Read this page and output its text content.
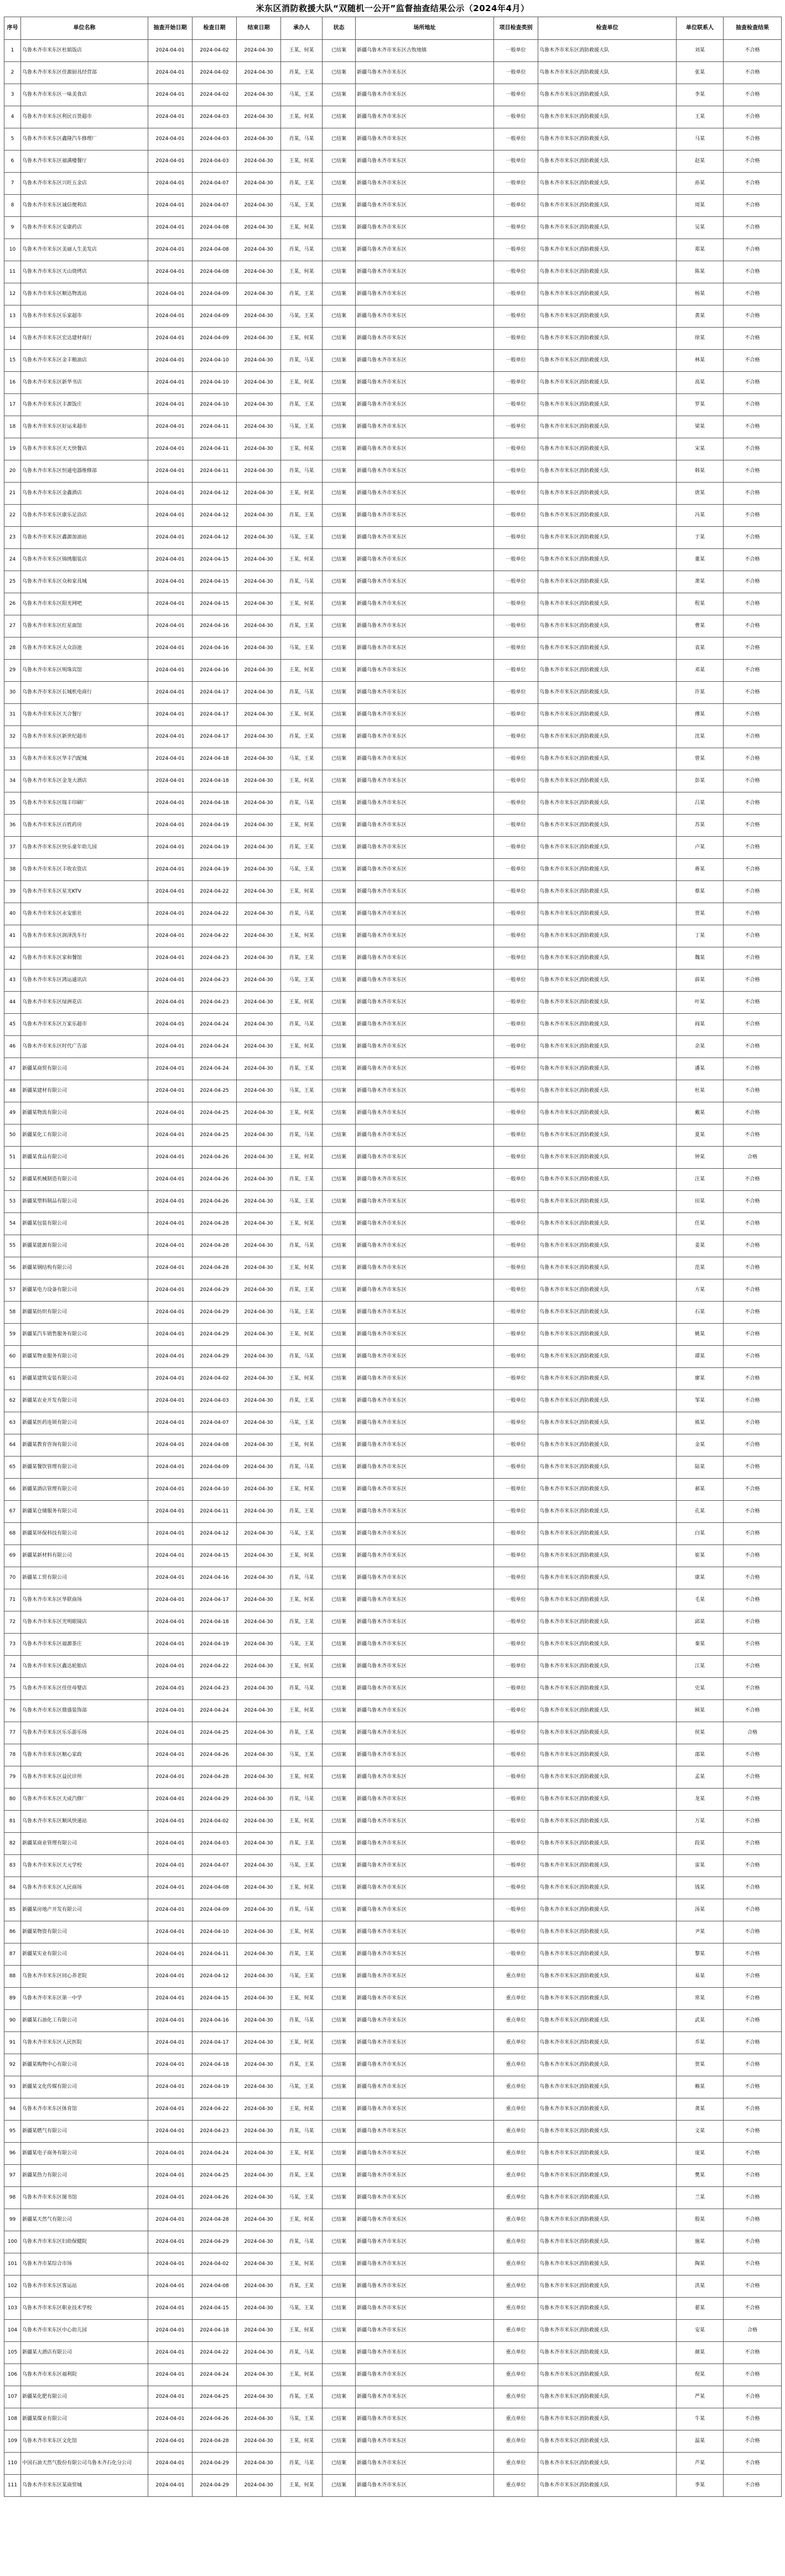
米东区消防救援大队“双随机一公开”监督抽查结果公示（2024年4月）
序号	单位名称	抽查开始日期	检查日期	结束日期	承办人	状态	场所地址	项目检查类别	检查单位	单位联系人	抽查检查结果
1	乌鲁木齐市米东区杜娟饭店	2024-04-01	2024-04-02	2024-04-30	王某，何某	已结案	新疆乌鲁木齐市米东区古牧地镇	一般单位	乌鲁木齐市米东区消防救援大队	刘某	不合格
2	乌鲁木齐市米东区佳源厨具经营部	2024-04-01	2024-04-02	2024-04-30	肖某，王某	已结案	新疆乌鲁木齐市米东区	一般单位	乌鲁木齐市米东区消防救援大队	张某	不合格
3	乌鲁木齐市米东区一味美食店	2024-04-01	2024-04-02	2024-04-30	马某，王某	已结案	新疆乌鲁木齐市米东区	一般单位	乌鲁木齐市米东区消防救援大队	李某	不合格
4	乌鲁木齐市米东区利民百货超市	2024-04-01	2024-04-03	2024-04-30	王某，何某	已结案	新疆乌鲁木齐市米东区	一般单位	乌鲁木齐市米东区消防救援大队	王某	不合格
5	乌鲁木齐市米东区鑫隆汽车修理厂	2024-04-01	2024-04-03	2024-04-30	肖某，马某	已结案	新疆乌鲁木齐市米东区	一般单位	乌鲁木齐市米东区消防救援大队	马某	不合格
6	乌鲁木齐市米东区福满楼餐厅	2024-04-01	2024-04-03	2024-04-30	王某，何某	已结案	新疆乌鲁木齐市米东区	一般单位	乌鲁木齐市米东区消防救援大队	赵某	不合格
7	乌鲁木齐市米东区兴旺五金店	2024-04-01	2024-04-07	2024-04-30	肖某，王某	已结案	新疆乌鲁木齐市米东区	一般单位	乌鲁木齐市米东区消防救援大队	孙某	不合格
8	乌鲁木齐市米东区诚信便利店	2024-04-01	2024-04-07	2024-04-30	马某，王某	已结案	新疆乌鲁木齐市米东区	一般单位	乌鲁木齐市米东区消防救援大队	周某	不合格
9	乌鲁木齐市米东区安康药店	2024-04-01	2024-04-08	2024-04-30	王某，何某	已结案	新疆乌鲁木齐市米东区	一般单位	乌鲁木齐市米东区消防救援大队	吴某	不合格
10	乌鲁木齐市米东区美丽人生美发店	2024-04-01	2024-04-08	2024-04-30	肖某，马某	已结案	新疆乌鲁木齐市米东区	一般单位	乌鲁木齐市米东区消防救援大队	郑某	不合格
11	乌鲁木齐市米东区天山烧烤店	2024-04-01	2024-04-08	2024-04-30	王某，何某	已结案	新疆乌鲁木齐市米东区	一般单位	乌鲁木齐市米东区消防救援大队	陈某	不合格
12	乌鲁木齐市米东区顺达物流站	2024-04-01	2024-04-09	2024-04-30	肖某，王某	已结案	新疆乌鲁木齐市米东区	一般单位	乌鲁木齐市米东区消防救援大队	杨某	不合格
13	乌鲁木齐市米东区乐家超市	2024-04-01	2024-04-09	2024-04-30	马某，王某	已结案	新疆乌鲁木齐市米东区	一般单位	乌鲁木齐市米东区消防救援大队	黄某	不合格
14	乌鲁木齐市米东区宏达建材商行	2024-04-01	2024-04-09	2024-04-30	王某，何某	已结案	新疆乌鲁木齐市米东区	一般单位	乌鲁木齐市米东区消防救援大队	徐某	不合格
15	乌鲁木齐市米东区金丰粮油店	2024-04-01	2024-04-10	2024-04-30	肖某，马某	已结案	新疆乌鲁木齐市米东区	一般单位	乌鲁木齐市米东区消防救援大队	林某	不合格
16	乌鲁木齐市米东区新华书店	2024-04-01	2024-04-10	2024-04-30	王某，何某	已结案	新疆乌鲁木齐市米东区	一般单位	乌鲁木齐市米东区消防救援大队	高某	不合格
17	乌鲁木齐市米东区丰源饭庄	2024-04-01	2024-04-10	2024-04-30	肖某，王某	已结案	新疆乌鲁木齐市米东区	一般单位	乌鲁木齐市米东区消防救援大队	罗某	不合格
18	乌鲁木齐市米东区好运来超市	2024-04-01	2024-04-11	2024-04-30	马某，王某	已结案	新疆乌鲁木齐市米东区	一般单位	乌鲁木齐市米东区消防救援大队	梁某	不合格
19	乌鲁木齐市米东区天天快餐店	2024-04-01	2024-04-11	2024-04-30	王某，何某	已结案	新疆乌鲁木齐市米东区	一般单位	乌鲁木齐市米东区消防救援大队	宋某	不合格
20	乌鲁木齐市米东区恒通电器维修部	2024-04-01	2024-04-11	2024-04-30	肖某，马某	已结案	新疆乌鲁木齐市米东区	一般单位	乌鲁木齐市米东区消防救援大队	韩某	不合格
21	乌鲁木齐市米东区金鑫酒店	2024-04-01	2024-04-12	2024-04-30	王某，何某	已结案	新疆乌鲁木齐市米东区	一般单位	乌鲁木齐市米东区消防救援大队	唐某	不合格
22	乌鲁木齐市米东区康乐足浴店	2024-04-01	2024-04-12	2024-04-30	肖某，王某	已结案	新疆乌鲁木齐市米东区	一般单位	乌鲁木齐市米东区消防救援大队	冯某	不合格
23	乌鲁木齐市米东区鑫源加油站	2024-04-01	2024-04-12	2024-04-30	马某，王某	已结案	新疆乌鲁木齐市米东区	一般单位	乌鲁木齐市米东区消防救援大队	于某	不合格
24	乌鲁木齐市米东区锦绣服装店	2024-04-01	2024-04-15	2024-04-30	王某，何某	已结案	新疆乌鲁木齐市米东区	一般单位	乌鲁木齐市米东区消防救援大队	董某	不合格
25	乌鲁木齐市米东区众和家具城	2024-04-01	2024-04-15	2024-04-30	肖某，马某	已结案	新疆乌鲁木齐市米东区	一般单位	乌鲁木齐市米东区消防救援大队	萧某	不合格
26	乌鲁木齐市米东区阳光网吧	2024-04-01	2024-04-15	2024-04-30	王某，何某	已结案	新疆乌鲁木齐市米东区	一般单位	乌鲁木齐市米东区消防救援大队	程某	不合格
27	乌鲁木齐市米东区红星面馆	2024-04-01	2024-04-16	2024-04-30	肖某，王某	已结案	新疆乌鲁木齐市米东区	一般单位	乌鲁木齐市米东区消防救援大队	曹某	不合格
28	乌鲁木齐市米东区大众浴池	2024-04-01	2024-04-16	2024-04-30	马某，王某	已结案	新疆乌鲁木齐市米东区	一般单位	乌鲁木齐市米东区消防救援大队	袁某	不合格
29	乌鲁木齐市米东区明珠宾馆	2024-04-01	2024-04-16	2024-04-30	王某，何某	已结案	新疆乌鲁木齐市米东区	一般单位	乌鲁木齐市米东区消防救援大队	邓某	不合格
30	乌鲁木齐市米东区长城机电商行	2024-04-01	2024-04-17	2024-04-30	肖某，马某	已结案	新疆乌鲁木齐市米东区	一般单位	乌鲁木齐市米东区消防救援大队	许某	不合格
31	乌鲁木齐市米东区天合餐厅	2024-04-01	2024-04-17	2024-04-30	王某，何某	已结案	新疆乌鲁木齐市米东区	一般单位	乌鲁木齐市米东区消防救援大队	傅某	不合格
32	乌鲁木齐市米东区新世纪超市	2024-04-01	2024-04-17	2024-04-30	肖某，王某	已结案	新疆乌鲁木齐市米东区	一般单位	乌鲁木齐市米东区消防救援大队	沈某	不合格
33	乌鲁木齐市米东区华丰汽配城	2024-04-01	2024-04-18	2024-04-30	马某，王某	已结案	新疆乌鲁木齐市米东区	一般单位	乌鲁木齐市米东区消防救援大队	曾某	不合格
34	乌鲁木齐市米东区金龙大酒店	2024-04-01	2024-04-18	2024-04-30	王某，何某	已结案	新疆乌鲁木齐市米东区	一般单位	乌鲁木齐市米东区消防救援大队	彭某	不合格
35	乌鲁木齐市米东区瑞丰印刷厂	2024-04-01	2024-04-18	2024-04-30	肖某，马某	已结案	新疆乌鲁木齐市米东区	一般单位	乌鲁木齐市米东区消防救援大队	吕某	不合格
36	乌鲁木齐市米东区百姓药房	2024-04-01	2024-04-19	2024-04-30	王某，何某	已结案	新疆乌鲁木齐市米东区	一般单位	乌鲁木齐市米东区消防救援大队	苏某	不合格
37	乌鲁木齐市米东区快乐童年幼儿园	2024-04-01	2024-04-19	2024-04-30	肖某，王某	已结案	新疆乌鲁木齐市米东区	一般单位	乌鲁木齐市米东区消防救援大队	卢某	不合格
38	乌鲁木齐市米东区丰收农资店	2024-04-01	2024-04-19	2024-04-30	马某，王某	已结案	新疆乌鲁木齐市米东区	一般单位	乌鲁木齐市米东区消防救援大队	蒋某	不合格
39	乌鲁木齐市米东区星光KTV	2024-04-01	2024-04-22	2024-04-30	王某，何某	已结案	新疆乌鲁木齐市米东区	一般单位	乌鲁木齐市米东区消防救援大队	蔡某	不合格
40	乌鲁木齐市米东区永安旅社	2024-04-01	2024-04-22	2024-04-30	肖某，马某	已结案	新疆乌鲁木齐市米东区	一般单位	乌鲁木齐市米东区消防救援大队	贾某	不合格
41	乌鲁木齐市米东区润泽洗车行	2024-04-01	2024-04-22	2024-04-30	王某，何某	已结案	新疆乌鲁木齐市米东区	一般单位	乌鲁木齐市米东区消防救援大队	丁某	不合格
42	乌鲁木齐市米东区家和餐馆	2024-04-01	2024-04-23	2024-04-30	肖某，王某	已结案	新疆乌鲁木齐市米东区	一般单位	乌鲁木齐市米东区消防救援大队	魏某	不合格
43	乌鲁木齐市米东区鸿运通讯店	2024-04-01	2024-04-23	2024-04-30	马某，王某	已结案	新疆乌鲁木齐市米东区	一般单位	乌鲁木齐市米东区消防救援大队	薛某	不合格
44	乌鲁木齐市米东区绿洲花店	2024-04-01	2024-04-23	2024-04-30	王某，何某	已结案	新疆乌鲁木齐市米东区	一般单位	乌鲁木齐市米东区消防救援大队	叶某	不合格
45	乌鲁木齐市米东区万家乐超市	2024-04-01	2024-04-24	2024-04-30	肖某，马某	已结案	新疆乌鲁木齐市米东区	一般单位	乌鲁木齐市米东区消防救援大队	阎某	不合格
46	乌鲁木齐市米东区时代广告部	2024-04-01	2024-04-24	2024-04-30	王某，何某	已结案	新疆乌鲁木齐市米东区	一般单位	乌鲁木齐市米东区消防救援大队	余某	不合格
47	新疆某商贸有限公司	2024-04-01	2024-04-24	2024-04-30	肖某，王某	已结案	新疆乌鲁木齐市米东区	一般单位	乌鲁木齐市米东区消防救援大队	潘某	不合格
48	新疆某建材有限公司	2024-04-01	2024-04-25	2024-04-30	马某，王某	已结案	新疆乌鲁木齐市米东区	一般单位	乌鲁木齐市米东区消防救援大队	杜某	不合格
49	新疆某物流有限公司	2024-04-01	2024-04-25	2024-04-30	王某，何某	已结案	新疆乌鲁木齐市米东区	一般单位	乌鲁木齐市米东区消防救援大队	戴某	不合格
50	新疆某化工有限公司	2024-04-01	2024-04-25	2024-04-30	肖某，马某	已结案	新疆乌鲁木齐市米东区	一般单位	乌鲁木齐市米东区消防救援大队	夏某	不合格
51	新疆某食品有限公司	2024-04-01	2024-04-26	2024-04-30	王某，何某	已结案	新疆乌鲁木齐市米东区	一般单位	乌鲁木齐市米东区消防救援大队	钟某	合格
52	新疆某机械制造有限公司	2024-04-01	2024-04-26	2024-04-30	肖某，王某	已结案	新疆乌鲁木齐市米东区	一般单位	乌鲁木齐市米东区消防救援大队	汪某	不合格
53	新疆某塑料制品有限公司	2024-04-01	2024-04-26	2024-04-30	马某，王某	已结案	新疆乌鲁木齐市米东区	一般单位	乌鲁木齐市米东区消防救援大队	田某	不合格
54	新疆某包装有限公司	2024-04-01	2024-04-28	2024-04-30	王某，何某	已结案	新疆乌鲁木齐市米东区	一般单位	乌鲁木齐市米东区消防救援大队	任某	不合格
55	新疆某能源有限公司	2024-04-01	2024-04-28	2024-04-30	肖某，马某	已结案	新疆乌鲁木齐市米东区	一般单位	乌鲁木齐市米东区消防救援大队	姜某	不合格
56	新疆某钢结构有限公司	2024-04-01	2024-04-28	2024-04-30	王某，何某	已结案	新疆乌鲁木齐市米东区	一般单位	乌鲁木齐市米东区消防救援大队	范某	不合格
57	新疆某电力设备有限公司	2024-04-01	2024-04-29	2024-04-30	肖某，王某	已结案	新疆乌鲁木齐市米东区	一般单位	乌鲁木齐市米东区消防救援大队	方某	不合格
58	新疆某纺织有限公司	2024-04-01	2024-04-29	2024-04-30	马某，王某	已结案	新疆乌鲁木齐市米东区	一般单位	乌鲁木齐市米东区消防救援大队	石某	不合格
59	新疆某汽车销售服务有限公司	2024-04-01	2024-04-29	2024-04-30	王某，何某	已结案	新疆乌鲁木齐市米东区	一般单位	乌鲁木齐市米东区消防救援大队	姚某	不合格
60	新疆某物业服务有限公司	2024-04-01	2024-04-29	2024-04-30	肖某，马某	已结案	新疆乌鲁木齐市米东区	一般单位	乌鲁木齐市米东区消防救援大队	谭某	不合格
61	新疆某建筑安装有限公司	2024-04-01	2024-04-02	2024-04-30	王某，何某	已结案	新疆乌鲁木齐市米东区	一般单位	乌鲁木齐市米东区消防救援大队	廖某	不合格
62	新疆某农业开发有限公司	2024-04-01	2024-04-03	2024-04-30	肖某，王某	已结案	新疆乌鲁木齐市米东区	一般单位	乌鲁木齐市米东区消防救援大队	邹某	不合格
63	新疆某医药连锁有限公司	2024-04-01	2024-04-07	2024-04-30	马某，王某	已结案	新疆乌鲁木齐市米东区	一般单位	乌鲁木齐市米东区消防救援大队	熊某	不合格
64	新疆某教育咨询有限公司	2024-04-01	2024-04-08	2024-04-30	王某，何某	已结案	新疆乌鲁木齐市米东区	一般单位	乌鲁木齐市米东区消防救援大队	金某	不合格
65	新疆某餐饮管理有限公司	2024-04-01	2024-04-09	2024-04-30	肖某，马某	已结案	新疆乌鲁木齐市米东区	一般单位	乌鲁木齐市米东区消防救援大队	陆某	不合格
66	新疆某酒店管理有限公司	2024-04-01	2024-04-10	2024-04-30	王某，何某	已结案	新疆乌鲁木齐市米东区	一般单位	乌鲁木齐市米东区消防救援大队	郝某	不合格
67	新疆某仓储服务有限公司	2024-04-01	2024-04-11	2024-04-30	肖某，王某	已结案	新疆乌鲁木齐市米东区	一般单位	乌鲁木齐市米东区消防救援大队	孔某	不合格
68	新疆某环保科技有限公司	2024-04-01	2024-04-12	2024-04-30	马某，王某	已结案	新疆乌鲁木齐市米东区	一般单位	乌鲁木齐市米东区消防救援大队	白某	不合格
69	新疆某新材料有限公司	2024-04-01	2024-04-15	2024-04-30	王某，何某	已结案	新疆乌鲁木齐市米东区	一般单位	乌鲁木齐市米东区消防救援大队	崔某	不合格
70	新疆某工贸有限公司	2024-04-01	2024-04-16	2024-04-30	肖某，马某	已结案	新疆乌鲁木齐市米东区	一般单位	乌鲁木齐市米东区消防救援大队	康某	不合格
71	乌鲁木齐市米东区华联商场	2024-04-01	2024-04-17	2024-04-30	王某，何某	已结案	新疆乌鲁木齐市米东区	一般单位	乌鲁木齐市米东区消防救援大队	毛某	不合格
72	乌鲁木齐市米东区光明眼镜店	2024-04-01	2024-04-18	2024-04-30	肖某，王某	已结案	新疆乌鲁木齐市米东区	一般单位	乌鲁木齐市米东区消防救援大队	邱某	不合格
73	乌鲁木齐市米东区福源茶庄	2024-04-01	2024-04-19	2024-04-30	马某，王某	已结案	新疆乌鲁木齐市米东区	一般单位	乌鲁木齐市米东区消防救援大队	秦某	不合格
74	乌鲁木齐市米东区鑫达轮胎店	2024-04-01	2024-04-22	2024-04-30	王某，何某	已结案	新疆乌鲁木齐市米东区	一般单位	乌鲁木齐市米东区消防救援大队	江某	不合格
75	乌鲁木齐市米东区佳佳母婴店	2024-04-01	2024-04-23	2024-04-30	肖某，马某	已结案	新疆乌鲁木齐市米东区	一般单位	乌鲁木齐市米东区消防救援大队	史某	不合格
76	乌鲁木齐市米东区鼎盛装饰部	2024-04-01	2024-04-24	2024-04-30	王某，何某	已结案	新疆乌鲁木齐市米东区	一般单位	乌鲁木齐市米东区消防救援大队	顾某	不合格
77	乌鲁木齐市米东区乐乐游乐场	2024-04-01	2024-04-25	2024-04-30	肖某，王某	已结案	新疆乌鲁木齐市米东区	一般单位	乌鲁木齐市米东区消防救援大队	侯某	合格
78	乌鲁木齐市米东区顺心家政	2024-04-01	2024-04-26	2024-04-30	马某，王某	已结案	新疆乌鲁木齐市米东区	一般单位	乌鲁木齐市米东区消防救援大队	邵某	不合格
79	乌鲁木齐市米东区益民诊所	2024-04-01	2024-04-28	2024-04-30	王某，何某	已结案	新疆乌鲁木齐市米东区	一般单位	乌鲁木齐市米东区消防救援大队	孟某	不合格
80	乌鲁木齐市米东区天成汽修厂	2024-04-01	2024-04-29	2024-04-30	肖某，马某	已结案	新疆乌鲁木齐市米东区	一般单位	乌鲁木齐市米东区消防救援大队	龙某	不合格
81	乌鲁木齐市米东区顺风快递站	2024-04-01	2024-04-02	2024-04-30	王某，何某	已结案	新疆乌鲁木齐市米东区	一般单位	乌鲁木齐市米东区消防救援大队	万某	不合格
82	新疆某商业管理有限公司	2024-04-01	2024-04-03	2024-04-30	肖某，王某	已结案	新疆乌鲁木齐市米东区	一般单位	乌鲁木齐市米东区消防救援大队	段某	不合格
83	乌鲁木齐市米东区天元学校	2024-04-01	2024-04-07	2024-04-30	马某，王某	已结案	新疆乌鲁木齐市米东区	一般单位	乌鲁木齐市米东区消防救援大队	雷某	不合格
84	乌鲁木齐市米东区人民商场	2024-04-01	2024-04-08	2024-04-30	王某，何某	已结案	新疆乌鲁木齐市米东区	一般单位	乌鲁木齐市米东区消防救援大队	钱某	不合格
85	新疆某房地产开发有限公司	2024-04-01	2024-04-09	2024-04-30	肖某，马某	已结案	新疆乌鲁木齐市米东区	一般单位	乌鲁木齐市米东区消防救援大队	汤某	不合格
86	新疆某物资有限公司	2024-04-01	2024-04-10	2024-04-30	王某，何某	已结案	新疆乌鲁木齐市米东区	一般单位	乌鲁木齐市米东区消防救援大队	尹某	不合格
87	新疆某实业有限公司	2024-04-01	2024-04-11	2024-04-30	肖某，王某	已结案	新疆乌鲁木齐市米东区	一般单位	乌鲁木齐市米东区消防救援大队	黎某	不合格
88	乌鲁木齐市米东区同心养老院	2024-04-01	2024-04-12	2024-04-30	马某，王某	已结案	新疆乌鲁木齐市米东区	重点单位	乌鲁木齐市米东区消防救援大队	易某	不合格
89	乌鲁木齐市米东区第一中学	2024-04-01	2024-04-15	2024-04-30	王某，何某	已结案	新疆乌鲁木齐市米东区	重点单位	乌鲁木齐市米东区消防救援大队	常某	不合格
90	新疆某石油化工有限公司	2024-04-01	2024-04-16	2024-04-30	肖某，马某	已结案	新疆乌鲁木齐市米东区	重点单位	乌鲁木齐市米东区消防救援大队	武某	不合格
91	乌鲁木齐市米东区人民医院	2024-04-01	2024-04-17	2024-04-30	王某，何某	已结案	新疆乌鲁木齐市米东区	重点单位	乌鲁木齐市米东区消防救援大队	乔某	不合格
92	新疆某购物中心有限公司	2024-04-01	2024-04-18	2024-04-30	肖某，王某	已结案	新疆乌鲁木齐市米东区	重点单位	乌鲁木齐市米东区消防救援大队	贺某	不合格
93	新疆某文化传媒有限公司	2024-04-01	2024-04-19	2024-04-30	马某，王某	已结案	新疆乌鲁木齐市米东区	重点单位	乌鲁木齐市米东区消防救援大队	赖某	不合格
94	乌鲁木齐市米东区体育馆	2024-04-01	2024-04-22	2024-04-30	王某，何某	已结案	新疆乌鲁木齐市米东区	重点单位	乌鲁木齐市米东区消防救援大队	龚某	不合格
95	新疆某燃气有限公司	2024-04-01	2024-04-23	2024-04-30	肖某，马某	已结案	新疆乌鲁木齐市米东区	重点单位	乌鲁木齐市米东区消防救援大队	文某	不合格
96	新疆某电子商务有限公司	2024-04-01	2024-04-24	2024-04-30	王某，何某	已结案	新疆乌鲁木齐市米东区	重点单位	乌鲁木齐市米东区消防救援大队	庞某	不合格
97	新疆某热力有限公司	2024-04-01	2024-04-25	2024-04-30	肖某，王某	已结案	新疆乌鲁木齐市米东区	重点单位	乌鲁木齐市米东区消防救援大队	樊某	不合格
98	乌鲁木齐市米东区图书馆	2024-04-01	2024-04-26	2024-04-30	马某，王某	已结案	新疆乌鲁木齐市米东区	重点单位	乌鲁木齐市米东区消防救援大队	兰某	不合格
99	新疆某天然气有限公司	2024-04-01	2024-04-28	2024-04-30	王某，何某	已结案	新疆乌鲁木齐市米东区	重点单位	乌鲁木齐市米东区消防救援大队	殷某	不合格
100	乌鲁木齐市米东区妇幼保健院	2024-04-01	2024-04-29	2024-04-30	肖某，马某	已结案	新疆乌鲁木齐市米东区	重点单位	乌鲁木齐市米东区消防救援大队	施某	不合格
101	乌鲁木齐市某综合市场	2024-04-01	2024-04-02	2024-04-30	王某，何某	已结案	新疆乌鲁木齐市米东区	重点单位	乌鲁木齐市米东区消防救援大队	陶某	不合格
102	乌鲁木齐市米东区客运站	2024-04-01	2024-04-08	2024-04-30	肖某，王某	已结案	新疆乌鲁木齐市米东区	重点单位	乌鲁木齐市米东区消防救援大队	洪某	不合格
103	乌鲁木齐市米东区职业技术学校	2024-04-01	2024-04-15	2024-04-30	马某，王某	已结案	新疆乌鲁木齐市米东区	重点单位	乌鲁木齐市米东区消防救援大队	翟某	不合格
104	乌鲁木齐市米东区中心幼儿园	2024-04-01	2024-04-18	2024-04-30	王某，何某	已结案	新疆乌鲁木齐市米东区	重点单位	乌鲁木齐市米东区消防救援大队	安某	合格
105	新疆某大酒店有限公司	2024-04-01	2024-04-22	2024-04-30	肖某，马某	已结案	新疆乌鲁木齐市米东区	重点单位	乌鲁木齐市米东区消防救援大队	颜某	不合格
106	乌鲁木齐市米东区福利院	2024-04-01	2024-04-24	2024-04-30	王某，何某	已结案	新疆乌鲁木齐市米东区	重点单位	乌鲁木齐市米东区消防救援大队	倪某	不合格
107	新疆某化肥有限公司	2024-04-01	2024-04-25	2024-04-30	肖某，王某	已结案	新疆乌鲁木齐市米东区	重点单位	乌鲁木齐市米东区消防救援大队	严某	不合格
108	新疆某煤业有限公司	2024-04-01	2024-04-26	2024-04-30	马某，王某	已结案	新疆乌鲁木齐市米东区	重点单位	乌鲁木齐市米东区消防救援大队	牛某	不合格
109	乌鲁木齐市米东区文化馆	2024-04-01	2024-04-28	2024-04-30	王某，何某	已结案	新疆乌鲁木齐市米东区	重点单位	乌鲁木齐市米东区消防救援大队	温某	不合格
110	中国石油天然气股份有限公司乌鲁木齐石化分公司	2024-04-01	2024-04-29	2024-04-30	肖某，马某	已结案	新疆乌鲁木齐市米东区	重点单位	乌鲁木齐市米东区消防救援大队	芦某	不合格
111	乌鲁木齐市米东区某商贸城	2024-04-01	2024-04-29	2024-04-30	王某，何某	已结案	新疆乌鲁木齐市米东区	重点单位	乌鲁木齐市米东区消防救援大队	季某	不合格
